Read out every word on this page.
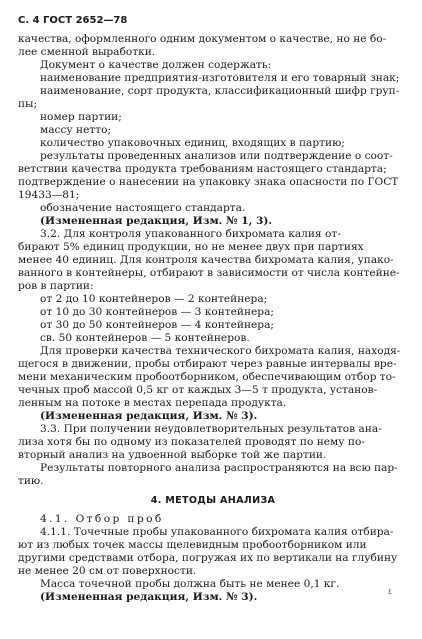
С. 4 ГОСТ 2652—78

качества, оформленного одним документом о качестве, но не бо-

лее сменной выработки.

Документ о качестве должен содержать:

наименование предприятия-изготовителя и его товарный знак;

наименование, сорт продукта, классификационный шифр груп-

пы;

номер партии;

массу нетто;

количество упаковочных единиц, входящих в партию;

результаты проведенных анализов или подтверждение о соот-

ветствии качества продукта требованиям настоящего стандарта;

подтверждение о нанесении на упаковку знака опасности по ГОСТ

19433—81;

обозначение настоящего стандарта.

(Измененная редакция, Изм. № 1, 3).

3.2. Для контроля упакованного бихромата калия от-

бирают 5% единиц продукции, но не менее двух при партиях

менее 40 единиц. Для контроля качества бихромата калия, упако-

ванного в контейнеры, отбирают в зависимости от числа контейне-

ров в партии:

от 2 до 10 контейнеров — 2 контейнера;

от 10 до 30 контейнеров — 3 контейнера;

от 30 до 50 контейнеров — 4 контейнера;

св. 50 контейнеров — 5 контейнеров.

Для проверки качества технического бихромата калия, находя-

щегося в движении, пробы отбирают через равные интервалы вре-

мени механическим пробоотборником, обеспечивающим отбор то-

чечных проб массой 0,5 кг от каждых 3—5 т продукта, установ-

ленным на потоке в местах перепада продукта.

(Измененная редакция, Изм. № 3).

3.3. При получении неудовлетворительных результатов ана-

лиза хотя бы по одному из показателей проводят по нему по-

вторный анализ на удвоенной выборке той же партии.

Результаты повторного анализа распространяются на всю пар-

тию.

4. МЕТОДЫ АНАЛИЗА

4.1. Отбор проб

4.1.1. Точечные пробы упакованного бихромата калия отбира-

ют из любых точек массы щелевидным пробоотборником или

другими средствами отбора, погружая их по вертикали на глубину

не менее 20 см от поверхности.

Масса точечной пробы должна быть не менее 0,1 кг.

(Измененная редакция, Изм. № 3).	٤
